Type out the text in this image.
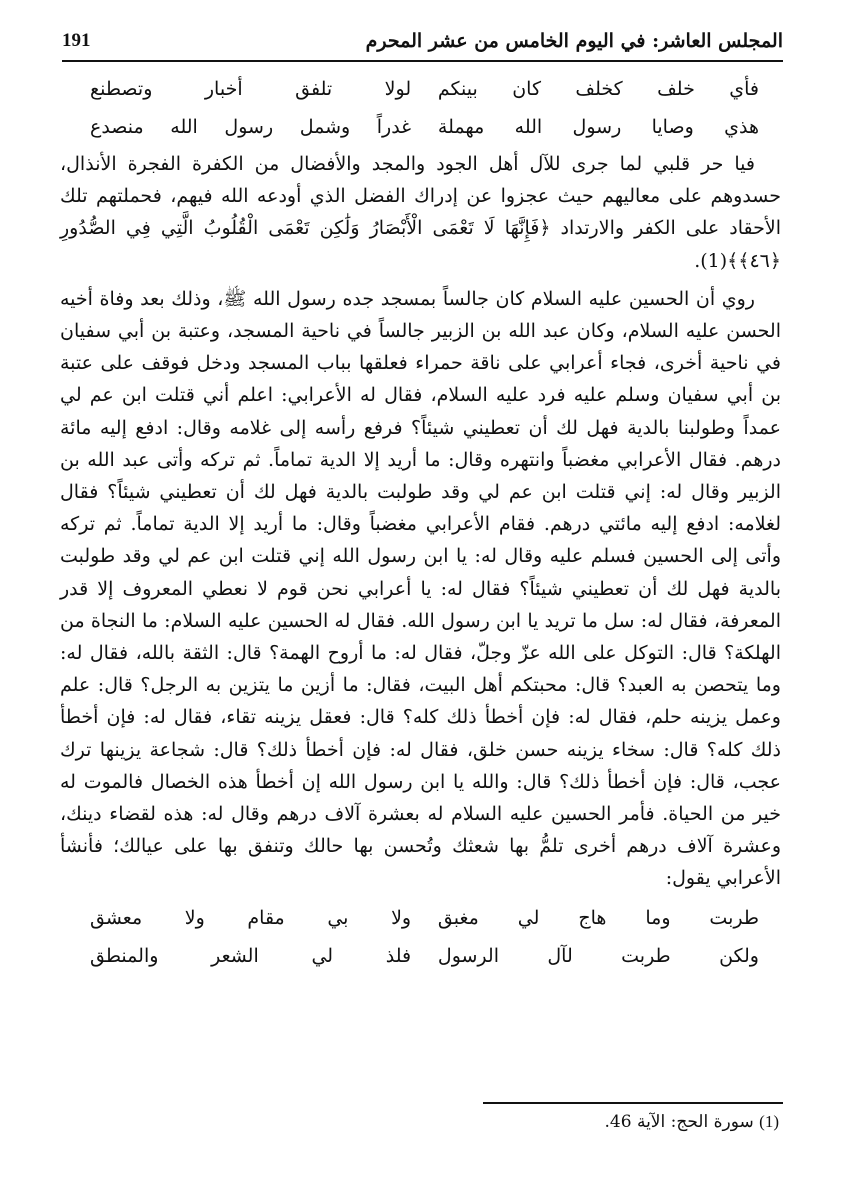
191	المجلس العاشر: في اليوم الخامس من عشر المحرم
فأي خلف كخلف كان بينكم
لولا تلفق أخبار وتصطنع
هذي وصايا رسول الله مهملة
غدراً وشمل رسول الله منصدع

فيا حر قلبي لما جرى للآل أهل الجود والمجد والأفضال من الكفرة الفجرة الأنذال، حسدوهم على معاليهم حيث عجزوا عن إدراك الفضل الذي أودعه الله فيهم، فحملتهم تلك الأحقاد على الكفر والارتداد ﴿فَإِنَّهَا لَا تَعْمَى الْأَبْصَارُ وَلَٰكِن تَعْمَى الْقُلُوبُ الَّتِي فِي الصُّدُورِ ﴿٤٦﴾﴾(1).

روي أن الحسين عليه السلام كان جالساً بمسجد جده رسول الله ﷺ، وذلك بعد وفاة أخيه الحسن عليه السلام، وكان عبد الله بن الزبير جالساً في ناحية المسجد، وعتبة بن أبي سفيان في ناحية أخرى، فجاء أعرابي على ناقة حمراء فعلقها بباب المسجد ودخل فوقف على عتبة بن أبي سفيان وسلم عليه فرد عليه السلام، فقال له الأعرابي: اعلم أني قتلت ابن عم لي عمداً وطولبنا بالدية فهل لك أن تعطيني شيئاً؟ فرفع رأسه إلى غلامه وقال: ادفع إليه مائة درهم. فقال الأعرابي مغضباً وانتهره وقال: ما أريد إلا الدية تماماً. ثم تركه وأتى عبد الله بن الزبير وقال له: إني قتلت ابن عم لي وقد طولبت بالدية فهل لك أن تعطيني شيئاً؟ فقال لغلامه: ادفع إليه مائتي درهم. فقام الأعرابي مغضباً وقال: ما أريد إلا الدية تماماً. ثم تركه وأتى إلى الحسين فسلم عليه وقال له: يا ابن رسول الله إني قتلت ابن عم لي وقد طولبت بالدية فهل لك أن تعطيني شيئاً؟ فقال له: يا أعرابي نحن قوم لا نعطي المعروف إلا قدر المعرفة، فقال له: سل ما تريد يا ابن رسول الله. فقال له الحسين عليه السلام: ما النجاة من الهلكة؟ قال: التوكل على الله عزّ وجلّ، فقال له: ما أروح الهمة؟ قال: الثقة بالله، فقال له: وما يتحصن به العبد؟ قال: محبتكم أهل البيت، فقال: ما أزين ما يتزين به الرجل؟ قال: علم وعمل يزينه حلم، فقال له: فإن أخطأ ذلك كله؟ قال: فعقل يزينه تقاء، فقال له: فإن أخطأ ذلك كله؟ قال: سخاء يزينه حسن خلق، فقال له: فإن أخطأ ذلك؟ قال: شجاعة يزينها ترك عجب، قال: فإن أخطأ ذلك؟ قال: والله يا ابن رسول الله إن أخطأ هذه الخصال فالموت له خير من الحياة. فأمر الحسين عليه السلام له بعشرة آلاف درهم وقال له: هذه لقضاء دينك، وعشرة آلاف درهم أخرى تلمُّ بها شعثك وتُحسن بها حالك وتنفق بها على عيالك؛ فأنشأ الأعرابي يقول:

طربت وما هاج لي مغبق
ولا بي مقام ولا معشق
ولكن طربت لآل الرسول
فلذ لي الشعر والمنطق
(1) سورة الحج: الآية 46.
